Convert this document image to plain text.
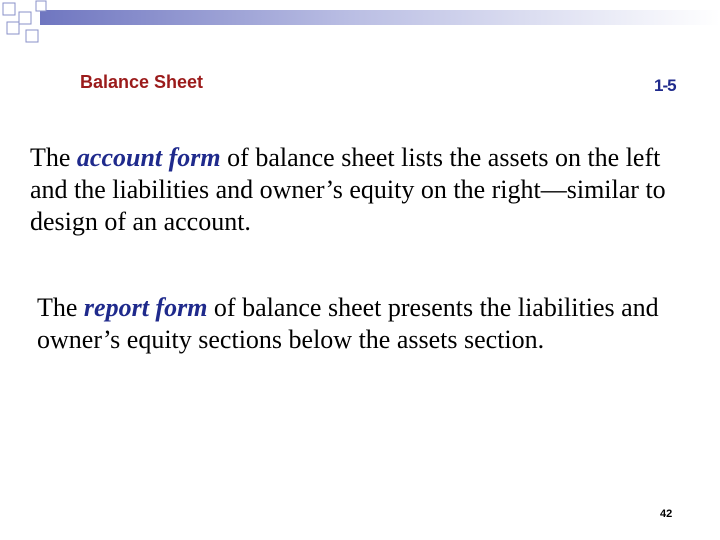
Balance Sheet	1-5
The account form of balance sheet lists the assets on the left and the liabilities and owner’s equity on the right—similar to design of an account.
The report form of balance sheet presents the liabilities and owner’s equity sections below the assets section.
42
